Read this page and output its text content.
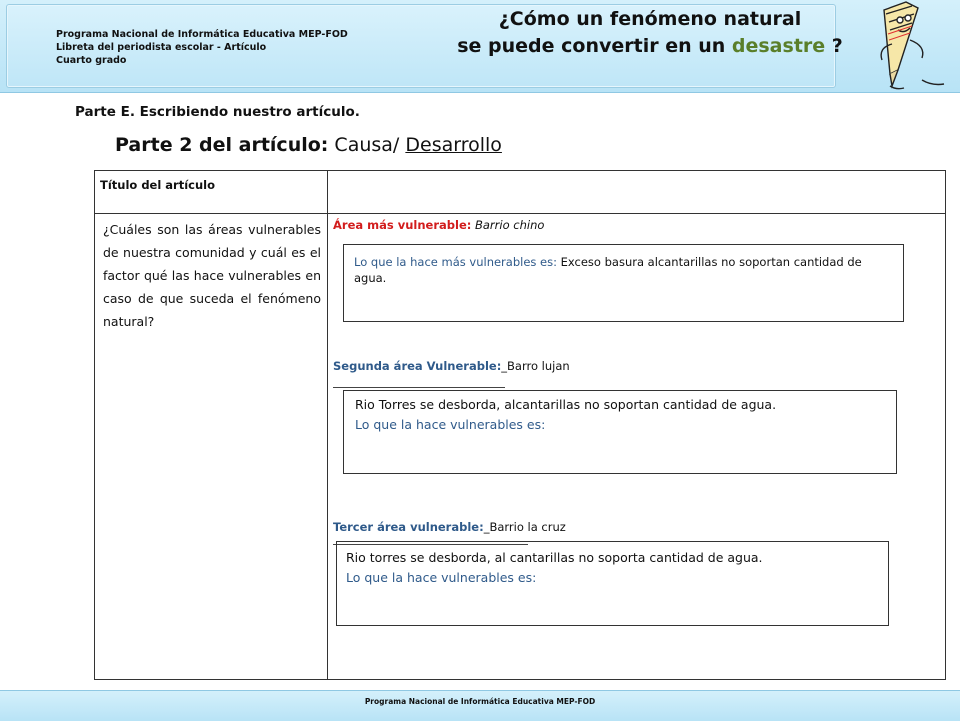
Programa Nacional de Informática Educativa MEP-FOD
Libreta del periodista escolar - Artículo
Cuarto grado
¿Cómo un fenómeno natural
se puede convertir en un desastre ?
Parte E. Escribiendo nuestro artículo.
Parte 2 del artículo: Causa/ Desarrollo
Título del artículo
¿Cuáles son las áreas vulnerables de nuestra comunidad y cuál es el factor qué las hace vulnerables en caso de que suceda el fenómeno natural?
Área más vulnerable: Barrio chino
Lo que la hace más vulnerables es: Exceso basura alcantarillas no soportan cantidad de agua.
Segunda área Vulnerable:_Barro lujan
Rio Torres se desborda, alcantarillas no soportan cantidad de agua.
Lo que la hace vulnerables es:
Tercer área vulnerable:_Barrio la cruz
Rio torres se desborda, al cantarillas no soporta cantidad de agua.
Lo que la hace vulnerables es:
Programa Nacional de Informática Educativa MEP-FOD
